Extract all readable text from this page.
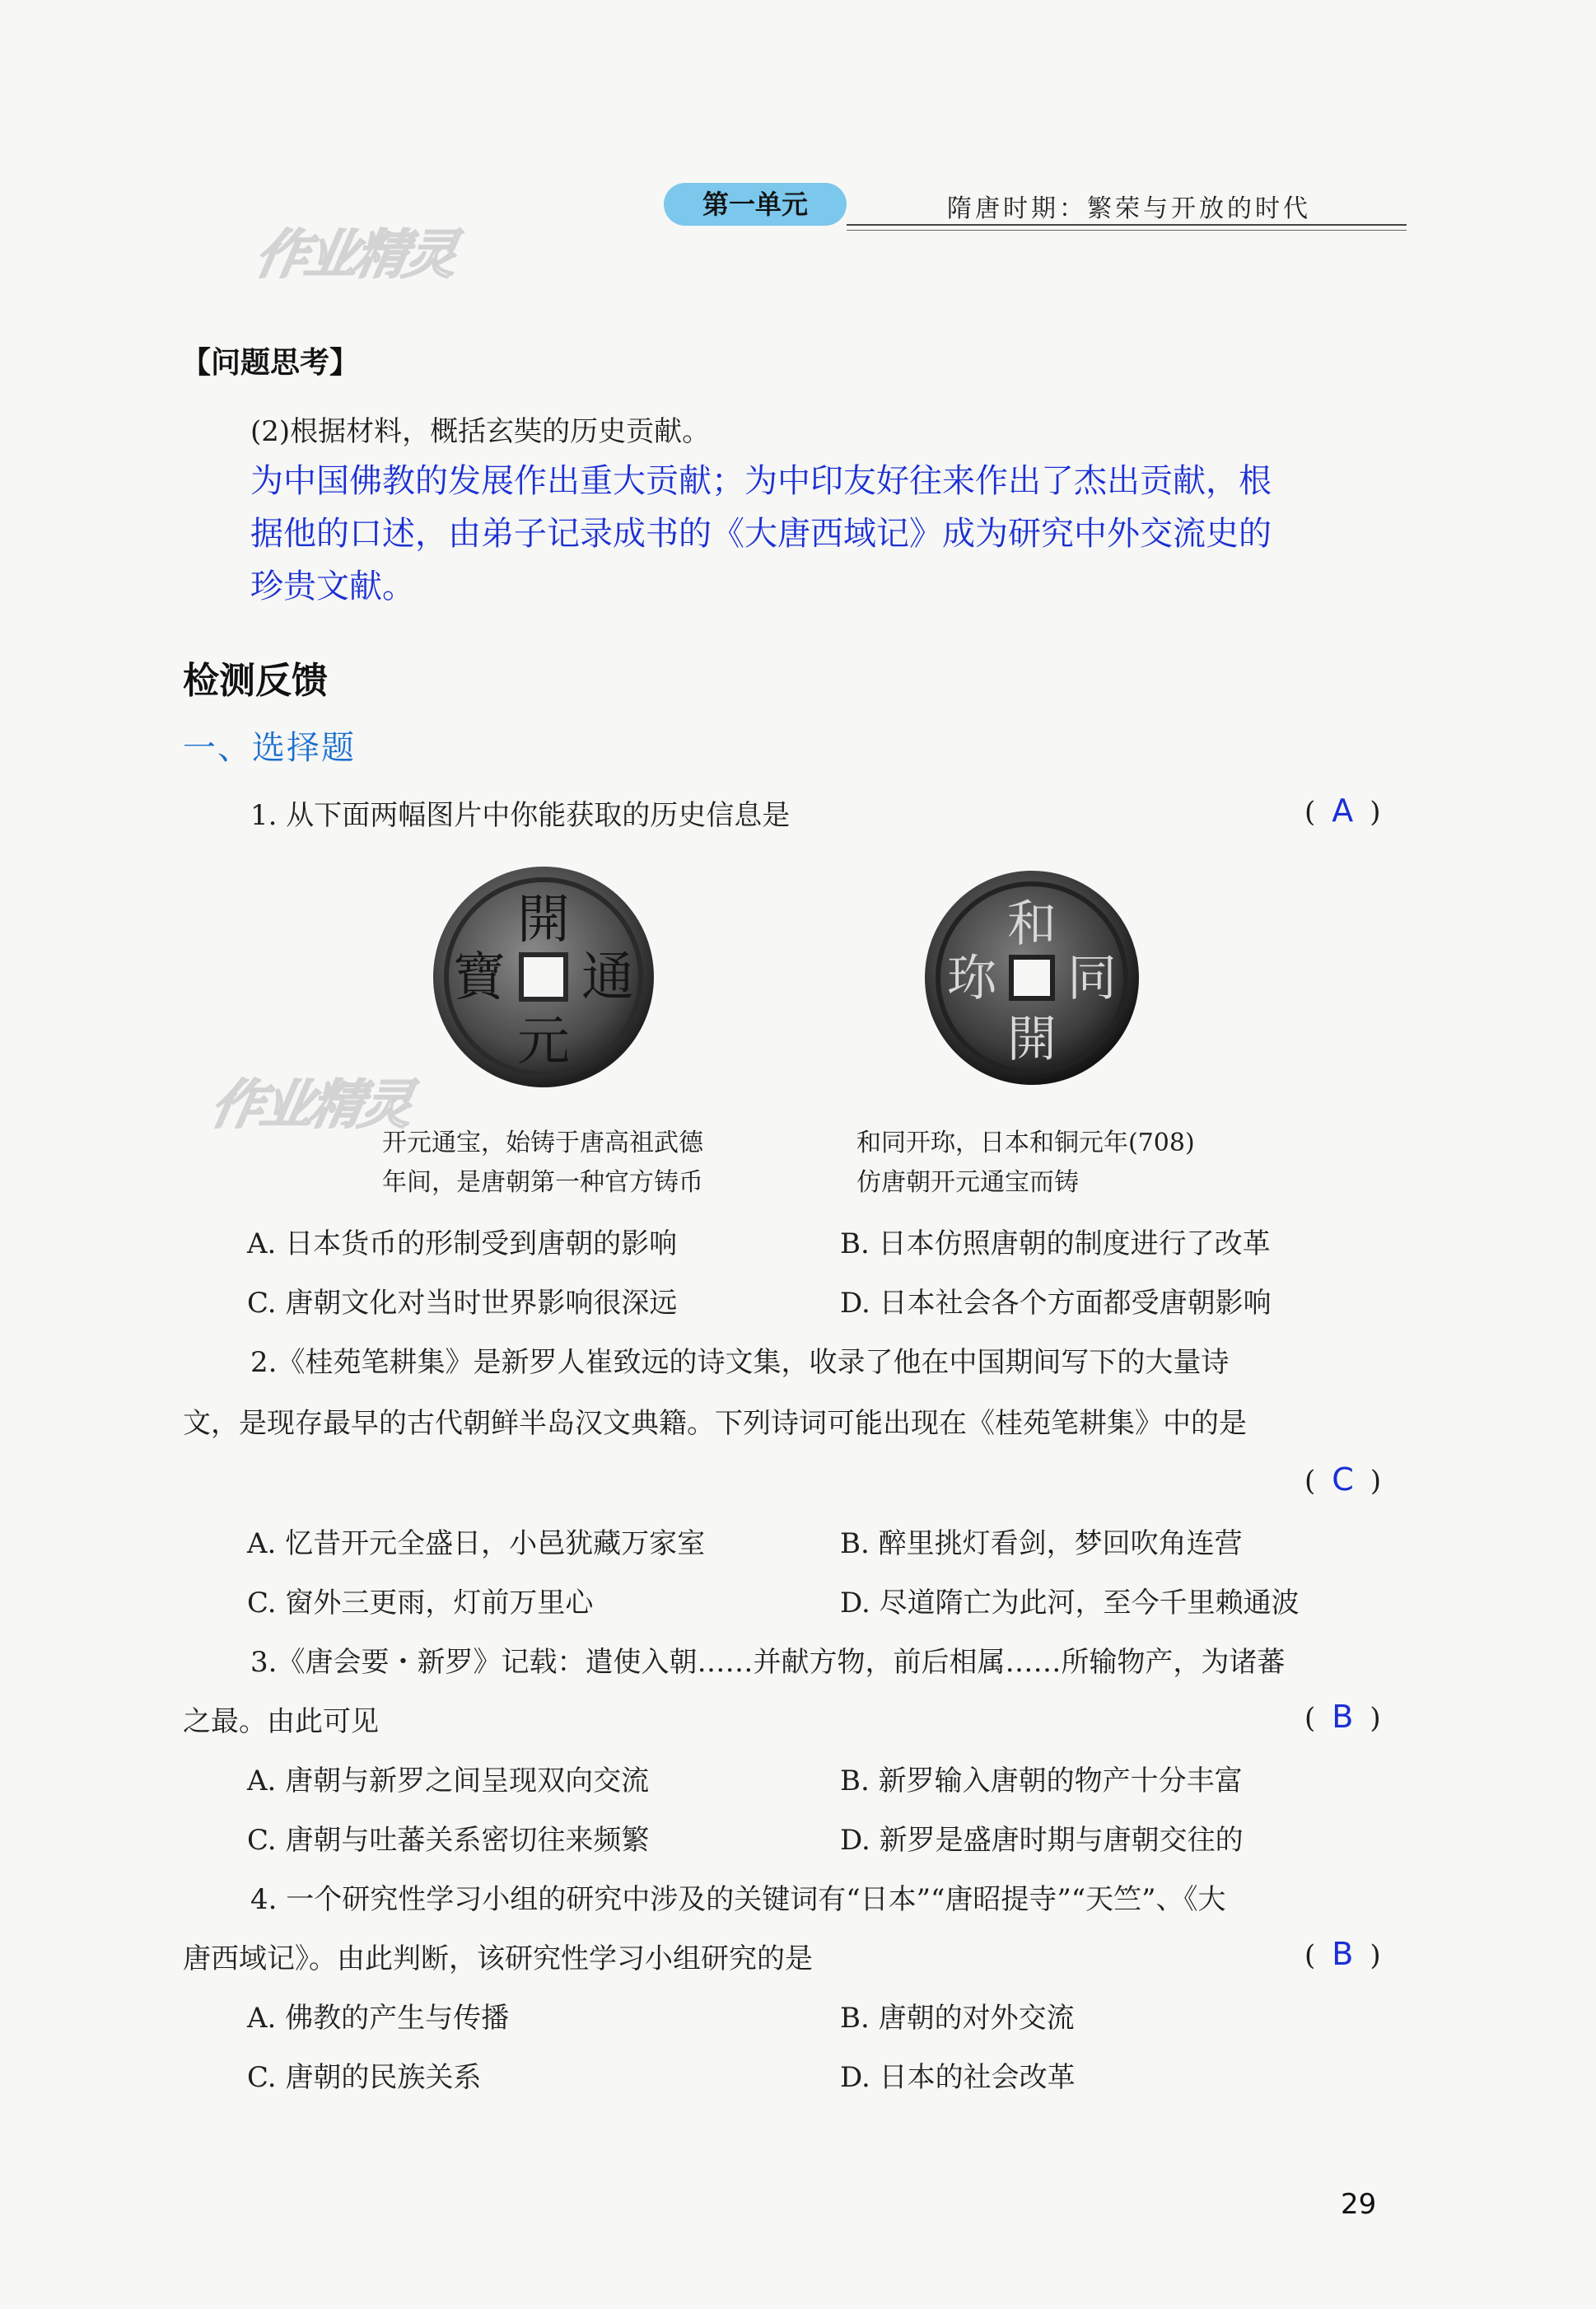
第一单元	隋唐时期：繁荣与开放的时代
作业精灵
作业精灵
【问题思考】
(2)根据材料，概括玄奘的历史贡献。
为中国佛教的发展作出重大贡献；为中印友好往来作出了杰出贡献，根
据他的口述，由弟子记录成书的《大唐西域记》成为研究中外交流史的
珍贵文献。
检测反馈
一、选择题
1. 从下面两幅图片中你能获取的历史信息是	( A )
開
元
通
寶
和
開
同
珎
开元通宝，始铸于唐高祖武德
年间，是唐朝第一种官方铸币
和同开珎，日本和铜元年(708)
仿唐朝开元通宝而铸
A. 日本货币的形制受到唐朝的影响	B. 日本仿照唐朝的制度进行了改革
C. 唐朝文化对当时世界影响很深远	D. 日本社会各个方面都受唐朝影响
2.《桂苑笔耕集》是新罗人崔致远的诗文集，收录了他在中国期间写下的大量诗
文，是现存最早的古代朝鲜半岛汉文典籍。下列诗词可能出现在《桂苑笔耕集》中的是
( C )
A. 忆昔开元全盛日，小邑犹藏万家室	B. 醉里挑灯看剑，梦回吹角连营
C. 窗外三更雨，灯前万里心	D. 尽道隋亡为此河，至今千里赖通波
3.《唐会要・新罗》记载：遣使入朝……并献方物，前后相属……所输物产，为诸蕃
之最。由此可见	( B )
A. 唐朝与新罗之间呈现双向交流	B. 新罗输入唐朝的物产十分丰富
C. 唐朝与吐蕃关系密切往来频繁	D. 新罗是盛唐时期与唐朝交往的
4. 一个研究性学习小组的研究中涉及的关键词有“日本”“唐昭提寺”“天竺”、《大
唐西域记》。由此判断，该研究性学习小组研究的是	( B )
A. 佛教的产生与传播	B. 唐朝的对外交流
C. 唐朝的民族关系	D. 日本的社会改革
29
